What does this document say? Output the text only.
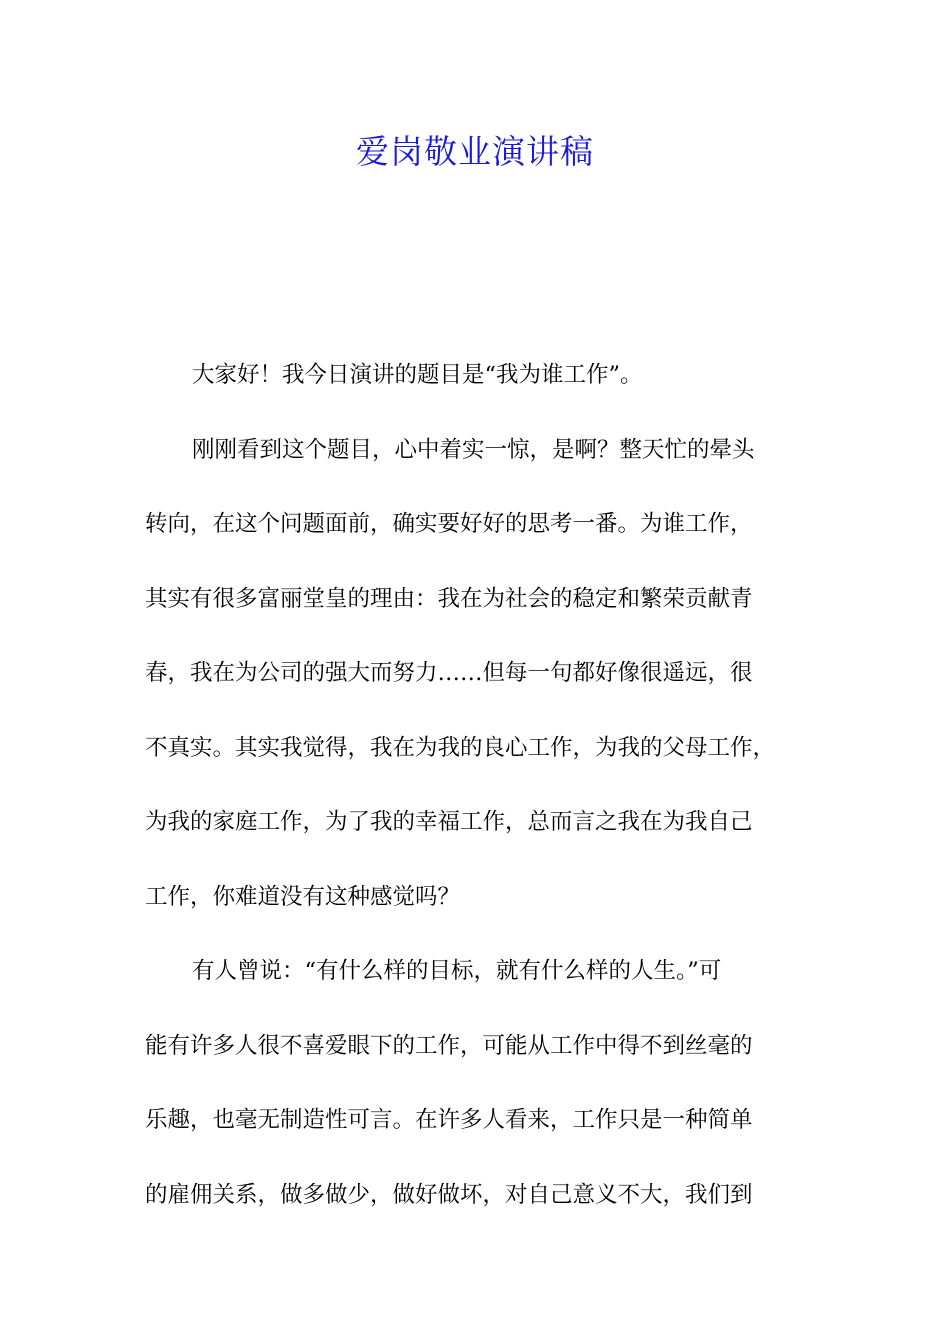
爱岗敬业演讲稿
大家好！我今日演讲的题目是“我为谁工作”。
刚刚看到这个题目，心中着实一惊，是啊？整天忙的晕头
转向，在这个问题面前，确实要好好的思考一番。为谁工作，
其实有很多富丽堂皇的理由：我在为社会的稳定和繁荣贡献青
春，我在为公司的强大而努力……但每一句都好像很遥远，很
不真实。其实我觉得，我在为我的良心工作，为我的父母工作，
为我的家庭工作，为了我的幸福工作，总而言之我在为我自己
工作，你难道没有这种感觉吗？
有人曾说：“有什么样的目标，就有什么样的人生。”可
能有许多人很不喜爱眼下的工作，可能从工作中得不到丝毫的
乐趣，也毫无制造性可言。在许多人看来，工作只是一种简单
的雇佣关系，做多做少，做好做坏，对自己意义不大，我们到
